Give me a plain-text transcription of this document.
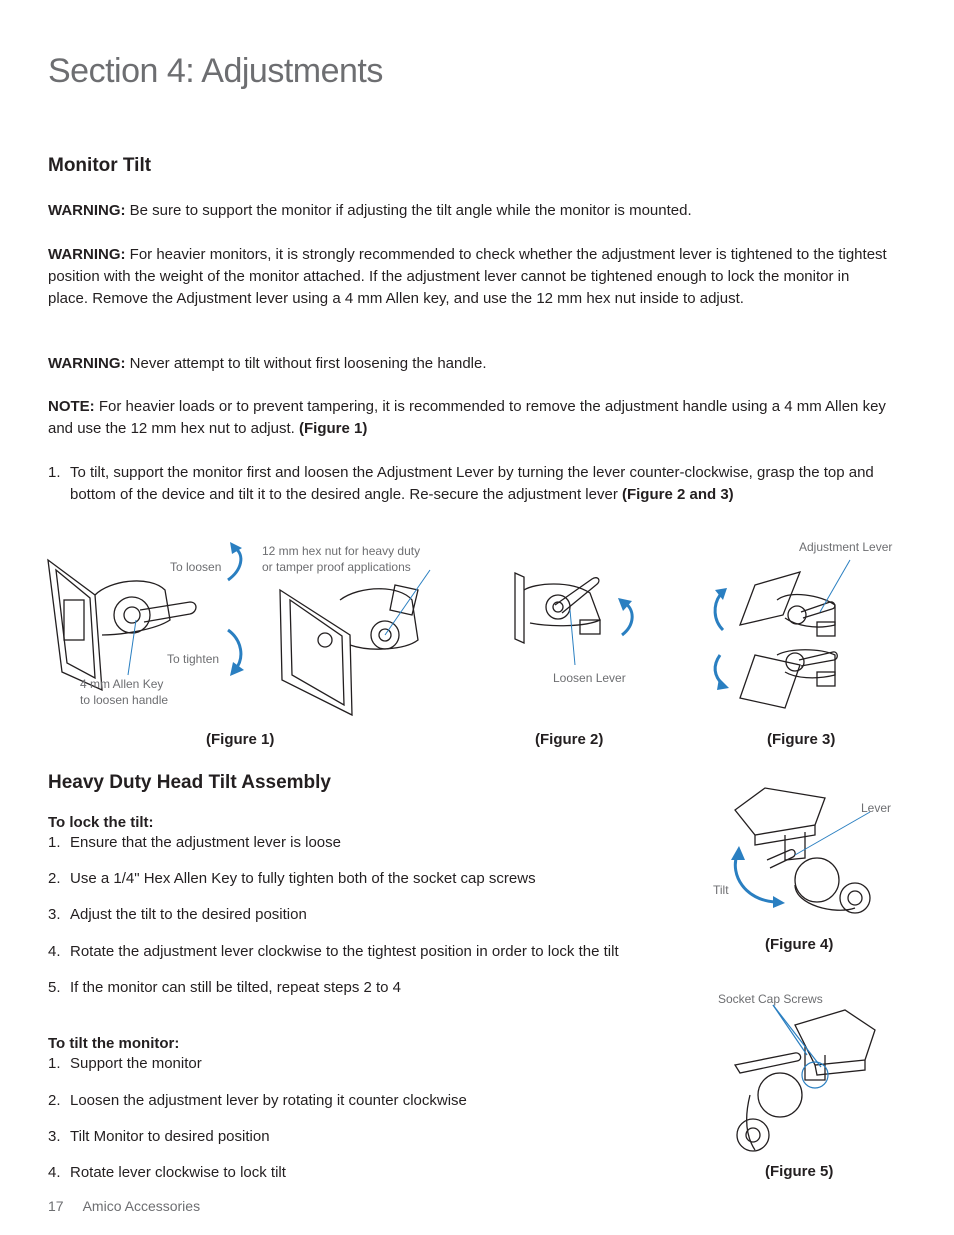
Section 4: Adjustments
Monitor Tilt

WARNING: Be sure to support the monitor if adjusting the tilt angle while the monitor is mounted.

WARNING: For heavier monitors, it is strongly recommended to check whether the adjustment lever is tightened to the tightest position with the weight of the monitor attached. If the adjustment lever cannot be tightened enough to lock the monitor in place. Remove the Adjustment lever using a 4 mm Allen key, and use the 12 mm hex nut inside to adjust.

WARNING: Never attempt to tilt without first loosening the handle.

NOTE: For heavier loads or to prevent tampering, it is recommended to remove the adjustment handle using a 4 mm Allen key and use the 12 mm hex nut to adjust. (Figure 1)

1. To tilt, support the monitor first and loosen the Adjustment Lever by turning the lever counter-clockwise, grasp the top and bottom of the device and tilt it to the desired angle. Re-secure the adjustment lever (Figure 2 and 3)

To loosen
To tighten
4 mm Allen Key
to loosen handle
12 mm hex nut for heavy duty
or tamper proof applications
(Figure 1)
Loosen Lever
(Figure 2)
Adjustment Lever
(Figure 3)
Heavy Duty Head Tilt Assembly
To lock the tilt:
1. Ensure that the adjustment lever is loose
2. Use a 1/4" Hex Allen Key to fully tighten both of the socket cap screws
3. Adjust the tilt to the desired position
4. Rotate the adjustment lever clockwise to the tightest position in order to lock the tilt
5. If the monitor can still be tilted, repeat steps 2 to 4
To tilt the monitor:
1. Support the monitor
2. Loosen the adjustment lever by rotating it counter clockwise
3. Tilt Monitor to desired position
4. Rotate lever clockwise to lock tilt
Lever
Tilt
(Figure 4)
Socket Cap Screws
(Figure 5)
17 Amico Accessories
